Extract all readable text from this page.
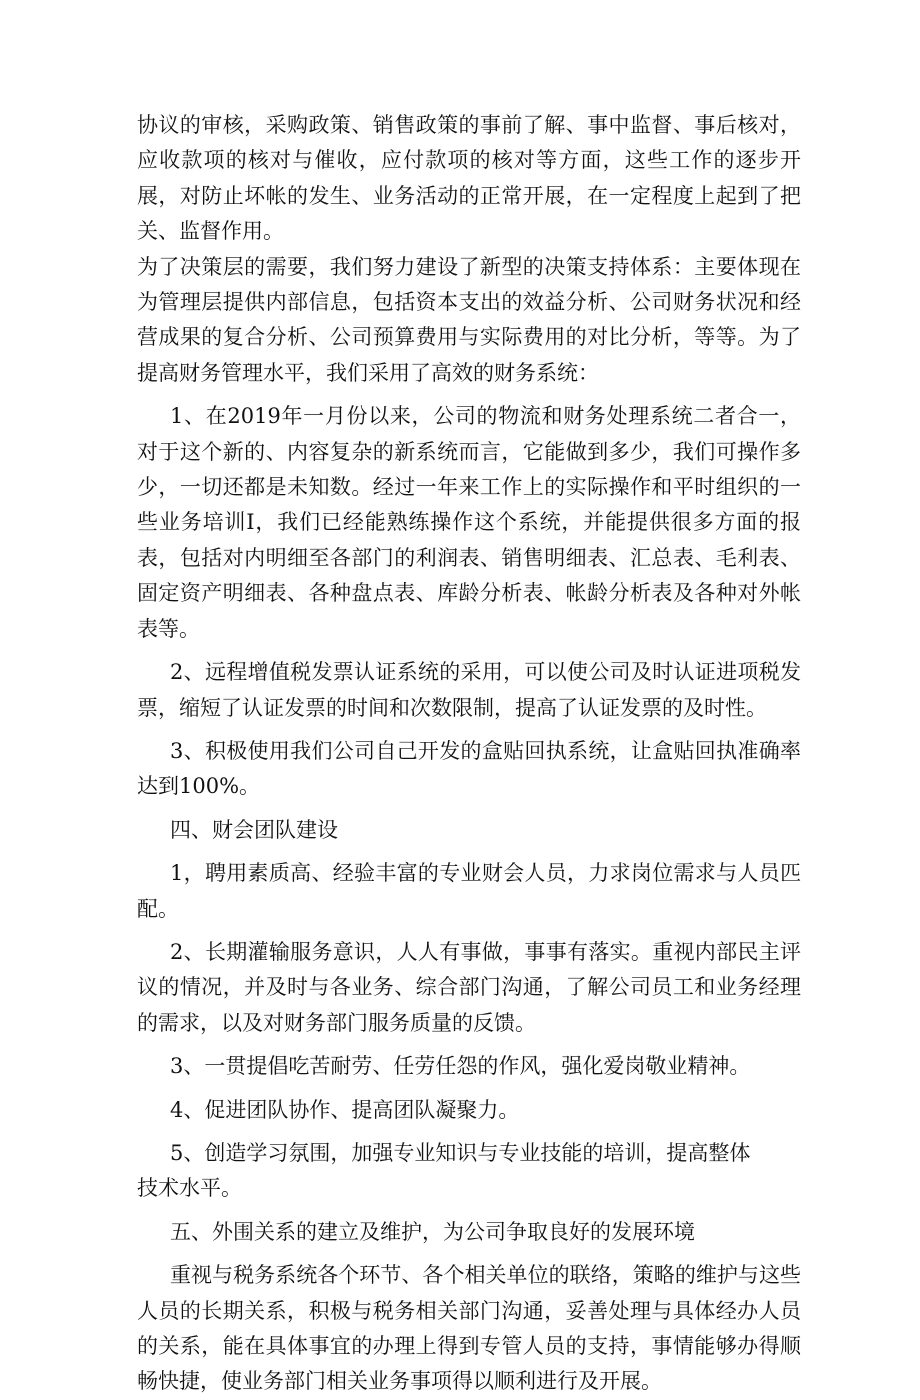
协议的审核，采购政策、销售政策的事前了解、事中监督、事后核对，应收款项的核对与催收，应付款项的核对等方面，这些工作的逐步开展，对防止坏帐的发生、业务活动的正常开展，在一定程度上起到了把关、监督作用。

为了决策层的需要，我们努力建设了新型的决策支持体系：主要体现在为管理层提供内部信息，包括资本支出的效益分析、公司财务状况和经营成果的复合分析、公司预算费用与实际费用的对比分析，等等。为了提高财务管理水平，我们采用了高效的财务系统：

1、在2019年一月份以来，公司的物流和财务处理系统二者合一，对于这个新的、内容复杂的新系统而言，它能做到多少，我们可操作多少，一切还都是未知数。经过一年来工作上的实际操作和平时组织的一些业务培训I，我们已经能熟练操作这个系统，并能提供很多方面的报表，包括对内明细至各部门的利润表、销售明细表、汇总表、毛利表、固定资产明细表、各种盘点表、库龄分析表、帐龄分析表及各种对外帐表等。

2、远程增值税发票认证系统的采用，可以使公司及时认证进项税发票，缩短了认证发票的时间和次数限制，提高了认证发票的及时性。

3、积极使用我们公司自己开发的盒贴回执系统，让盒贴回执准确率达到100%。

四、财会团队建设

1，聘用素质高、经验丰富的专业财会人员，力求岗位需求与人员匹配。

2、长期灌输服务意识，人人有事做，事事有落实。重视内部民主评议的情况，并及时与各业务、综合部门沟通，了解公司员工和业务经理的需求，以及对财务部门服务质量的反馈。

3、一贯提倡吃苦耐劳、任劳任怨的作风，强化爱岗敬业精神。

4、促进团队协作、提高团队凝聚力。

5、创造学习氛围，加强专业知识与专业技能的培训，提高整体

技术水平。

五、外围关系的建立及维护，为公司争取良好的发展环境

重视与税务系统各个环节、各个相关单位的联络，策略的维护与这些人员的长期关系，积极与税务相关部门沟通，妥善处理与具体经办人员的关系，能在具体事宜的办理上得到专管人员的支持，事情能够办得顺畅快捷，使业务部门相关业务事项得以顺利进行及开展。
